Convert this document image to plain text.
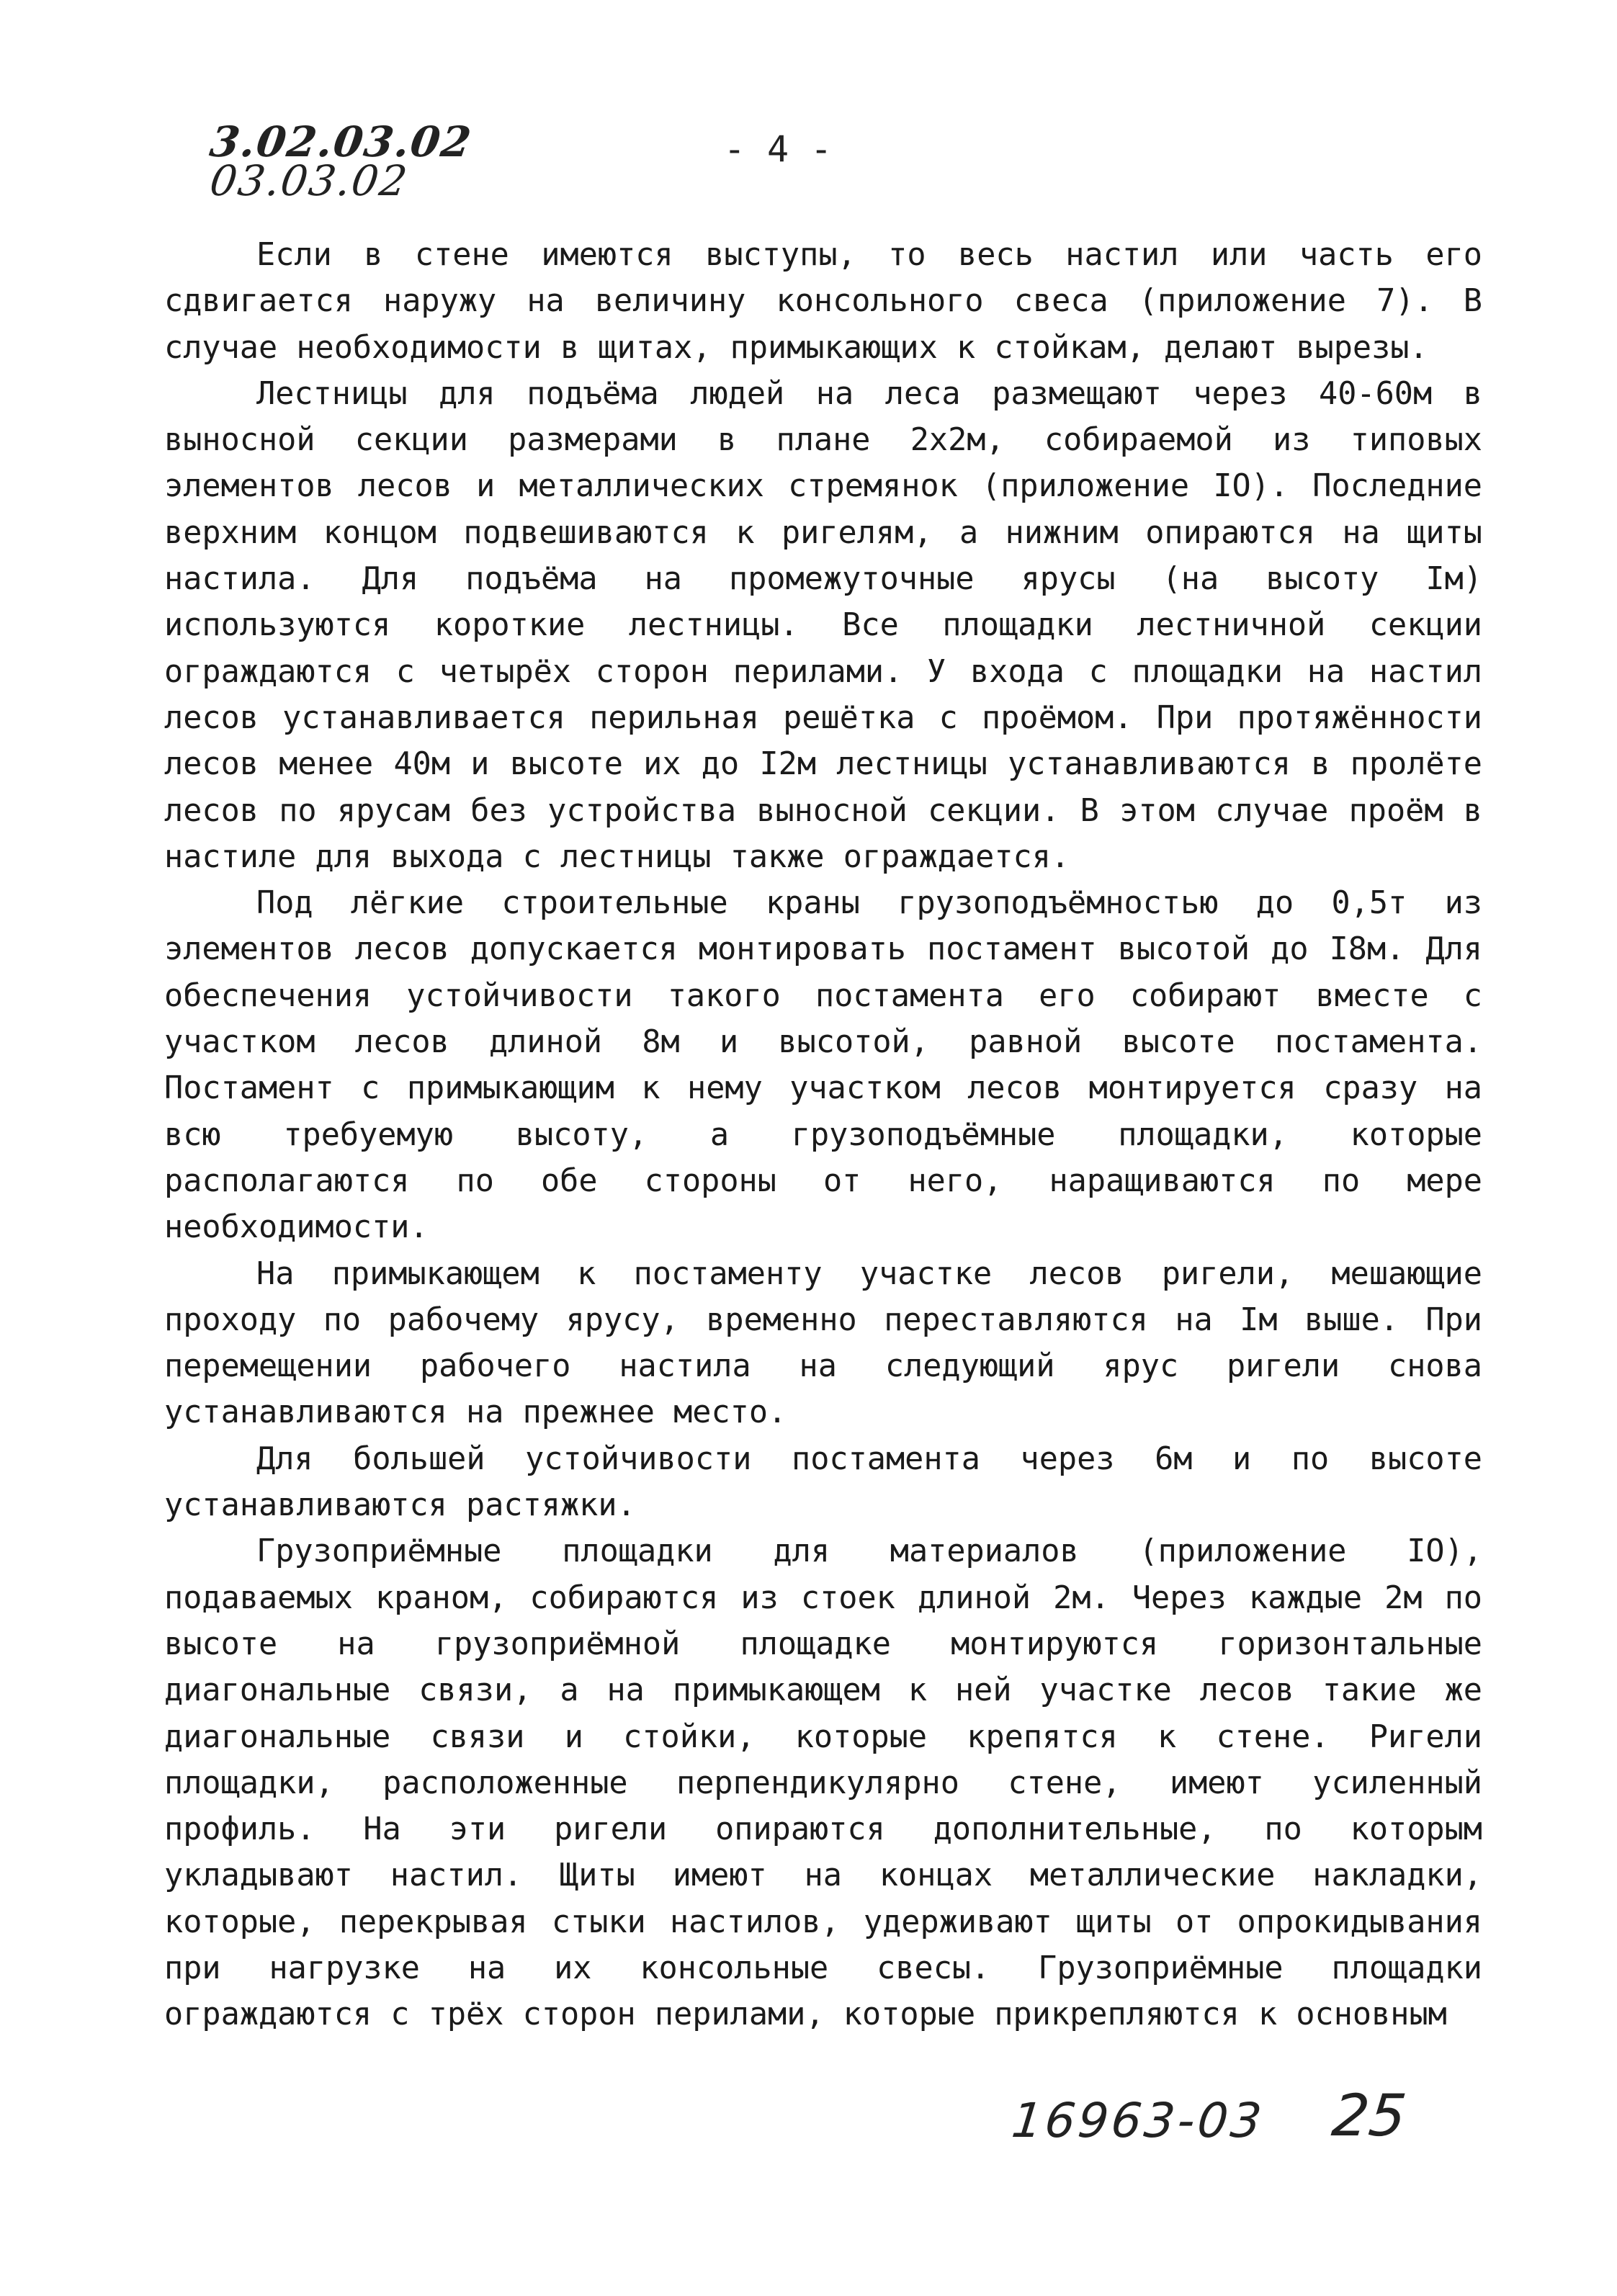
3.02.03.02
03.03.02
- 4 -

Если в стене имеются выступы, то весь настил или часть его сдвигается наружу на величину консольного свеса (приложение 7). В случае необходимости в щитах, примыкающих к стойкам, делают вырезы.

Лестницы для подъёма людей на леса размещают через 40-60м в выносной секции размерами в плане 2х2м, собираемой из типовых элементов лесов и металлических стремянок (приложение IO). Последние верхним концом подвешиваются к ригелям, а нижним опираются на щиты настила. Для подъёма на промежуточные ярусы (на высоту Iм) используются короткие лестницы. Все площадки лестничной секции ограждаются с четырёх сторон перилами. У входа с площадки на настил лесов устанавливается перильная решётка с проёмом. При протяжённости лесов менее 40м и высоте их до I2м лестницы устанавливаются в пролёте лесов по ярусам без устройства выносной секции. В этом случае проём в настиле для выхода с лестницы также ограждается.

Под лёгкие строительные краны грузоподъёмностью до 0,5т из элементов лесов допускается монтировать постамент высотой до I8м. Для обеспечения устойчивости такого постамента его собирают вместе с участком лесов длиной 8м и высотой, равной высоте постамента. Постамент с примыкающим к нему участком лесов монтируется сразу на всю требуемую высоту, а грузоподъёмные площадки, которые располагаются по обе стороны от него, наращиваются по мере необходимости.

На примыкающем к постаменту участке лесов ригели, мешающие проходу по рабочему ярусу, временно переставляются на Iм выше. При перемещении рабочего настила на следующий ярус ригели снова устанавливаются на прежнее место.

Для большей устойчивости постамента через 6м и по высоте устанавливаются растяжки.

Грузоприёмные площадки для материалов (приложение IO), подаваемых краном, собираются из стоек длиной 2м. Через каждые 2м по высоте на грузоприёмной площадке монтируются горизонтальные диагональные связи, а на примыкающем к ней участке лесов такие же диагональные связи и стойки, которые крепятся к стене. Ригели площадки, расположенные перпендикулярно стене, имеют усиленный профиль. На эти ригели опираются дополнительные, по которым укладывают настил. Щиты имеют на концах металлические накладки, которые, перекрывая стыки настилов, удерживают щиты от опрокидывания при нагрузке на их консольные свесы. Грузоприёмные площадки ограждаются с трёх сторон перилами, которые прикрепляются к основным

16963-03 25
